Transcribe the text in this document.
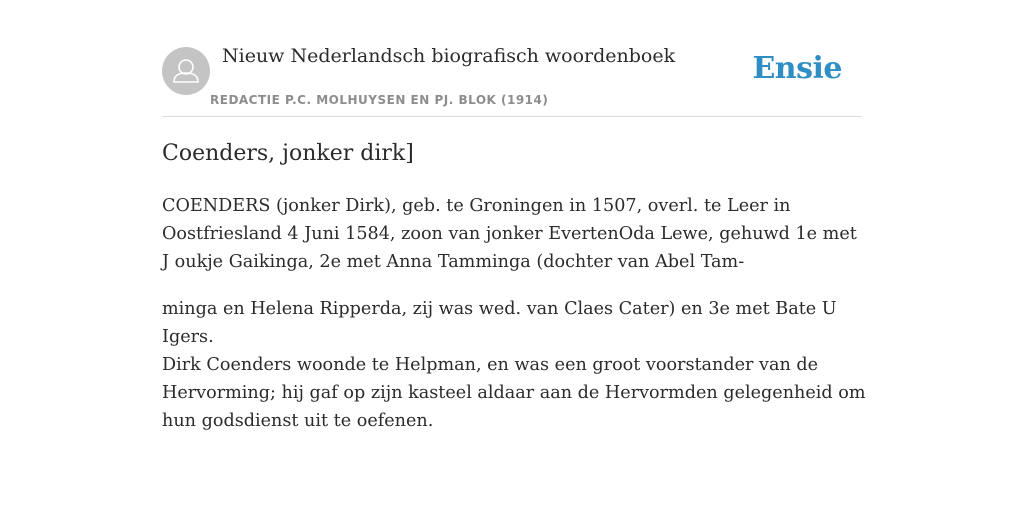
Nieuw Nederlandsch biografisch woordenboek
REDACTIE P.C. MOLHUYSEN EN PJ. BLOK (1914)
Ensie
Coenders, jonker dirk]
COENDERS (jonker Dirk), geb. te Groningen in 1507, overl. te Leer in Oostfriesland 4 Juni 1584, zoon van jonker EvertenOda Lewe, gehuwd 1e met J oukje Gaikinga, 2e met Anna Tamminga (dochter van Abel Tam-
minga en Helena Ripperda, zij was wed. van Claes Cater) en 3e met Bate U Igers.
Dirk Coenders woonde te Helpman, en was een groot voorstander van de Hervorming; hij gaf op zijn kasteel aldaar aan de Hervormden gelegenheid om hun godsdienst uit te oefenen.
